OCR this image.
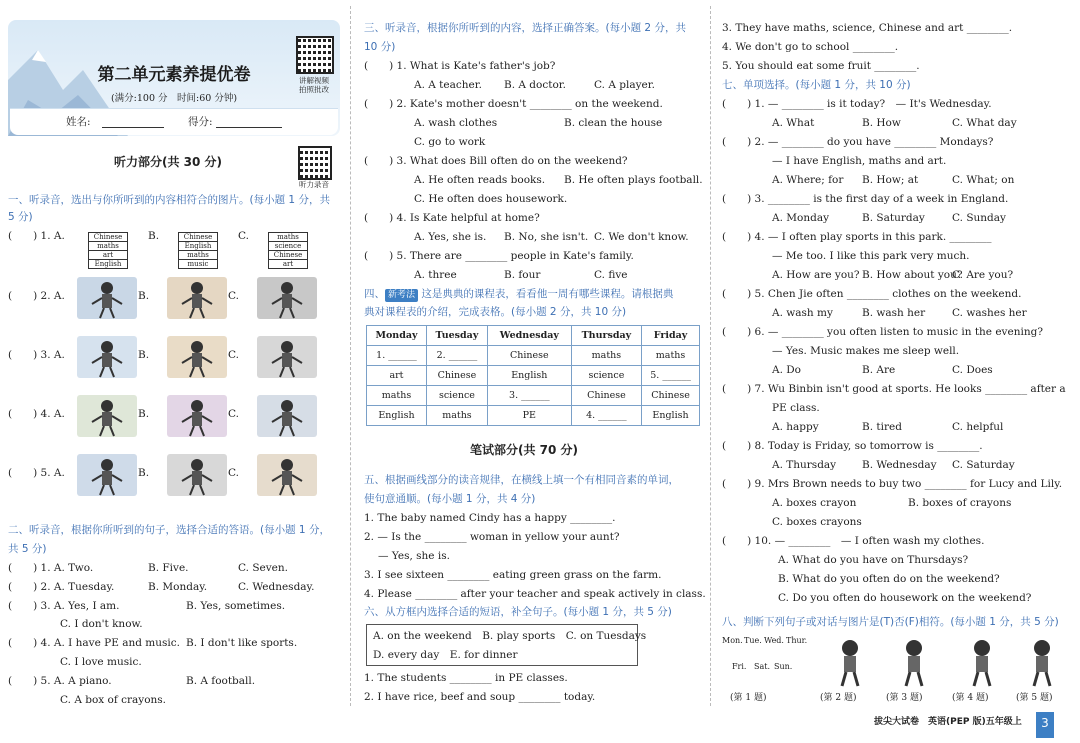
第二单元素养提优卷
(满分:100 分　时间:60 分钟)
讲解视频
拍照批改
姓名:	得分:
听力部分(共 30 分)
听力录音
一、听录音，选出与你所听到的内容相符合的图片。(每小题 1 分，共
5 分)
(　　) 1. A.	Chinese
maths
art
English
B.	Chinese
English
maths
music
C.	maths
science
Chinese
art
(　　) 2. A.
(　　) 3. A.
(　　) 4. A.
(　　) 5. A.
二、听录音，根据你所听到的句子，选择合适的答语。(每小题 1 分，
共 5 分)
B.	C.
B.	C.
B.	C.
B.	C.
(　　) 1. A. Two.	B. Five.	C. Seven.
(　　) 2. A. Tuesday.	B. Monday.	C. Wednesday.
(　　) 3. A. Yes, I am.	B. Yes, sometimes.
C. I don't know.
(　　) 4. A. I have PE and music. B. I don't like sports.
C. I love music.
(　　) 5. A. A piano.	B. A football.
C. A box of crayons.
三、听录音，根据你所听到的内容，选择正确答案。(每小题 2 分，共
10 分)
四、 新考法 这是典典的课程表，看看他一周有哪些课程。请根据典
典对课程表的介绍，完成表格。(每小题 2 分，共 10 分)
Monday	Tuesday	Wednesday	Thursday	Friday
1. ______	2. ______	Chinese	maths	maths
art	Chinese	English	science	5. ______
maths	science	3. ______	Chinese	Chinese
English	maths	PE	4. ______	English
笔试部分(共 70 分)
五、根据画线部分的读音规律，在横线上填一个有相同音素的单词，
使句意通顺。(每小题 1 分，共 4 分)
六、从方框内选择合适的短语，补全句子。(每小题 1 分，共 5 分)
A. on the weekend　B. play sports　C. on Tuesdays
D. every day　E. for dinner
1. The students ________ in PE classes.
2. I have rice, beef and soup ________ today.
(　　) 1. What is Kate's father's job?
A. A teacher. B. A doctor.	C. A player.
(　　) 2. Kate's mother doesn't ________ on the weekend.
A. wash clothes	B. clean the house
C. go to work
(　　) 3. What does Bill often do on the weekend?
A. He often reads books. B. He often plays football.
C. He often does housework.
(　　) 4. Is Kate helpful at home?
A. Yes, she is. B. No, she isn't. C. We don't know.
(　　) 5. There are ________ people in Kate's family.
A. three	B. four	C. five
1. The baby named Cindy has a happy ________.
2. — Is the ________ woman in yellow your aunt?
— Yes, she is.
3. I see sixteen ________ eating green grass on the farm.
4. Please ________ after your teacher and speak actively in class.
3. They have maths, science, Chinese and art ________.
4. We don't go to school ________.
5. You should eat some fruit ________.
七、单项选择。(每小题 1 分，共 10 分)
八、判断下列句子或对话与图片是(T)否(F)相符。(每小题 1 分，共 5 分)
拔尖大试卷　英语(PEP 版)五年级上	3
(　　) 1. — ________ is it today?　— It's Wednesday.
A. What	B. How	C. What day
(　　) 2. — ________ do you have ________ Mondays?
— I have English, maths and art.
A. Where; for B. How; at	C. What; on
(　　) 3. ________ is the first day of a week in England.
A. Monday	B. Saturday	C. Sunday
(　　) 4. — I often play sports in this park. ________
— Me too. I like this park very much.
A. How are you? B. How about you?
C. Are you?
(　　) 5. Chen Jie often ________ clothes on the weekend.
A. wash my	B. wash her	C. washes her
(　　) 6. — ________ you often listen to music in the evening?
— Yes. Music makes me sleep well.
A. Do	B. Are	C. Does
(　　) 7. Wu Binbin isn't good at sports. He looks ________ after a
PE class.
A. happy	B. tired	C. helpful
(　　) 8. Today is Friday, so tomorrow is ________.
A. Thursday B. Wednesday C. Saturday
(　　) 9. Mrs Brown needs to buy two ________ for Lucy and Lily.
A. boxes crayon	B. boxes of crayons
C. boxes crayons
(　　) 10. — ________　— I often wash my clothes.
A. What do you have on Thursdays?
B. What do you often do on the weekend?
C. Do you often do housework on the weekend?
Mon. Tue. Wed. Thur.
Fri. Sat. Sun.
(第 1 题)	(第 2 题)	(第 3 题)	(第 4 题)	(第 5 题)
